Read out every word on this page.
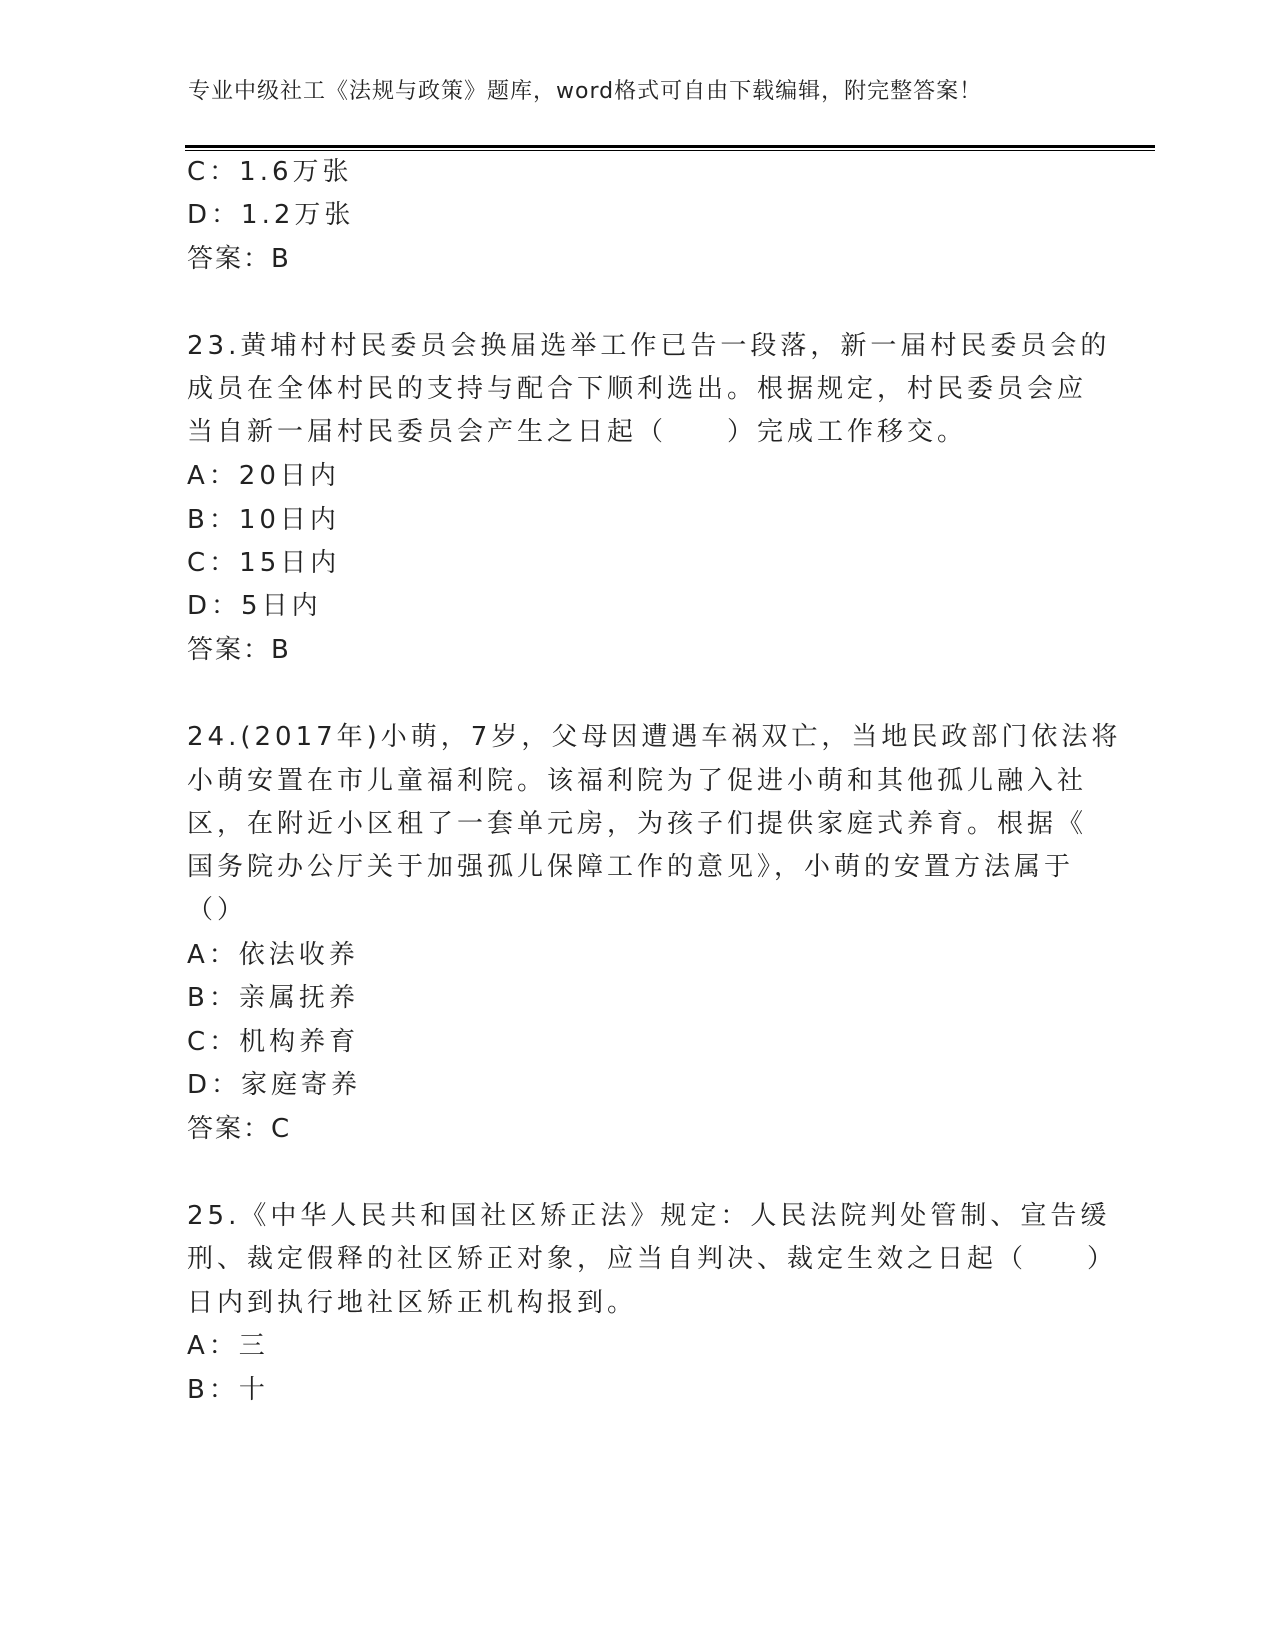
专业中级社工《法规与政策》题库，word格式可自由下载编辑，附完整答案！
C：1.6万张
D：1.2万张
答案：B
23.黄埔村村民委员会换届选举工作已告一段落，新一届村民委员会的
成员在全体村民的支持与配合下顺利选出。根据规定，村民委员会应
当自新一届村民委员会产生之日起（　　）完成工作移交。
A：20日内
B：10日内
C：15日内
D：5日内
答案：B
24.(2017年)小萌，7岁，父母因遭遇车祸双亡，当地民政部门依法将
小萌安置在市儿童福利院。该福利院为了促进小萌和其他孤儿融入社
区，在附近小区租了一套单元房，为孩子们提供家庭式养育。根据《
国务院办公厅关于加强孤儿保障工作的意见》，小萌的安置方法属于
（）
A：依法收养
B：亲属抚养
C：机构养育
D：家庭寄养
答案：C
25.《中华人民共和国社区矫正法》规定：人民法院判处管制、宣告缓
刑、裁定假释的社区矫正对象，应当自判决、裁定生效之日起（　　）
日内到执行地社区矫正机构报到。
A：三
B：十
